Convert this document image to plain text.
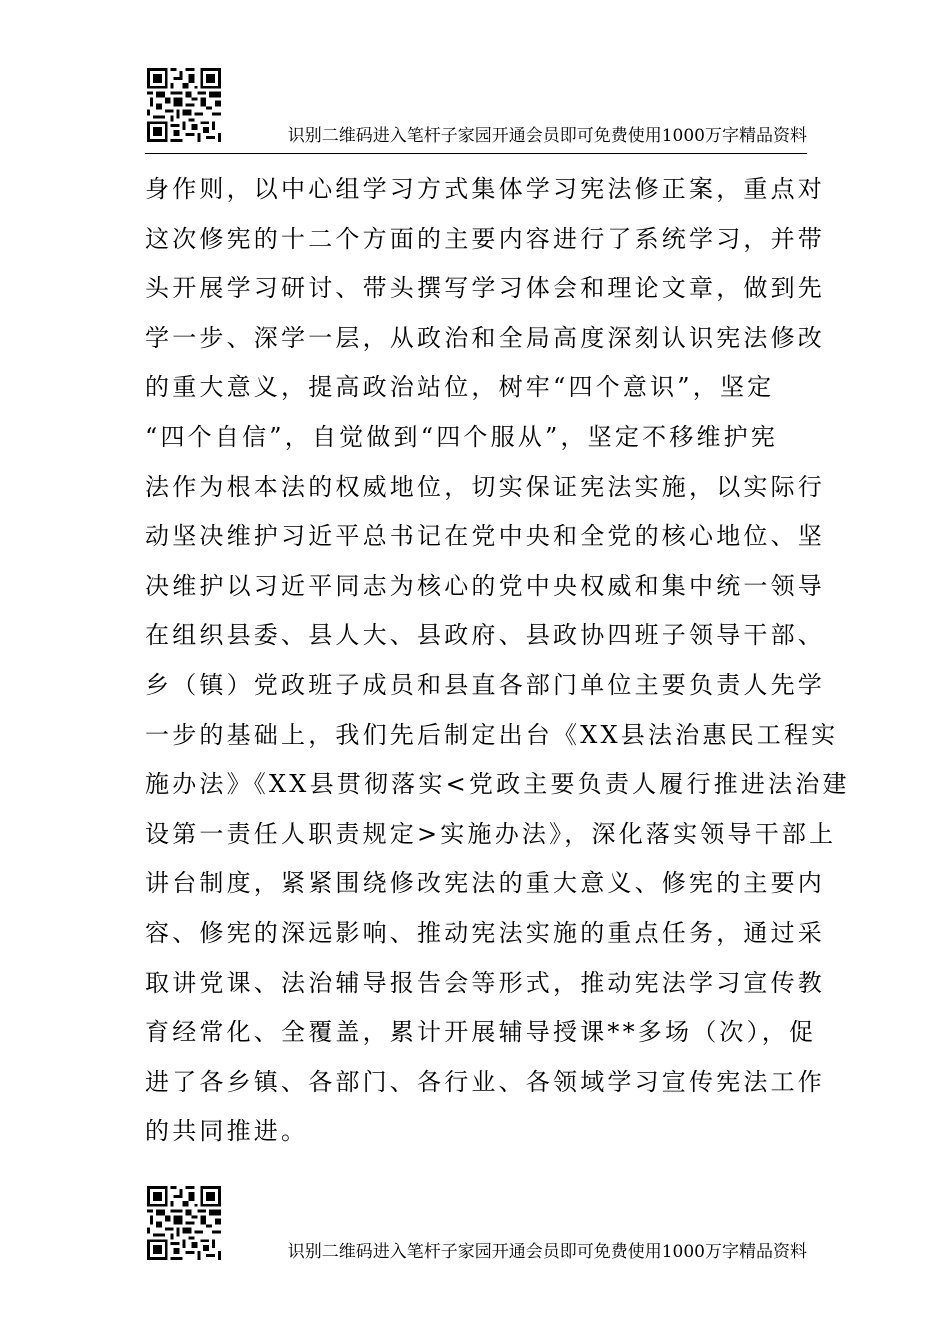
识别二维码进入笔杆子家园开通会员即可免费使用1000万字精品资料
身作则，以中心组学习方式集体学习宪法修正案，重点对
这次修宪的十二个方面的主要内容进行了系统学习，并带
头开展学习研讨、带头撰写学习体会和理论文章，做到先
学一步、深学一层，从政治和全局高度深刻认识宪法修改
的重大意义，提高政治站位，树牢“四个意识”，坚定
“四个自信”，自觉做到“四个服从”，坚定不移维护宪
法作为根本法的权威地位，切实保证宪法实施，以实际行
动坚决维护习近平总书记在党中央和全党的核心地位、坚
决维护以习近平同志为核心的党中央权威和集中统一领导
在组织县委、县人大、县政府、县政协四班子领导干部、
乡（镇）党政班子成员和县直各部门单位主要负责人先学
一步的基础上，我们先后制定出台《XX县法治惠民工程实
施办法》《XX县贯彻落实<党政主要负责人履行推进法治建
设第一责任人职责规定>实施办法》，深化落实领导干部上
讲台制度，紧紧围绕修改宪法的重大意义、修宪的主要内
容、修宪的深远影响、推动宪法实施的重点任务，通过采
取讲党课、法治辅导报告会等形式，推动宪法学习宣传教
育经常化、全覆盖，累计开展辅导授课**多场（次），促
进了各乡镇、各部门、各行业、各领域学习宣传宪法工作
的共同推进。
识别二维码进入笔杆子家园开通会员即可免费使用1000万字精品资料
